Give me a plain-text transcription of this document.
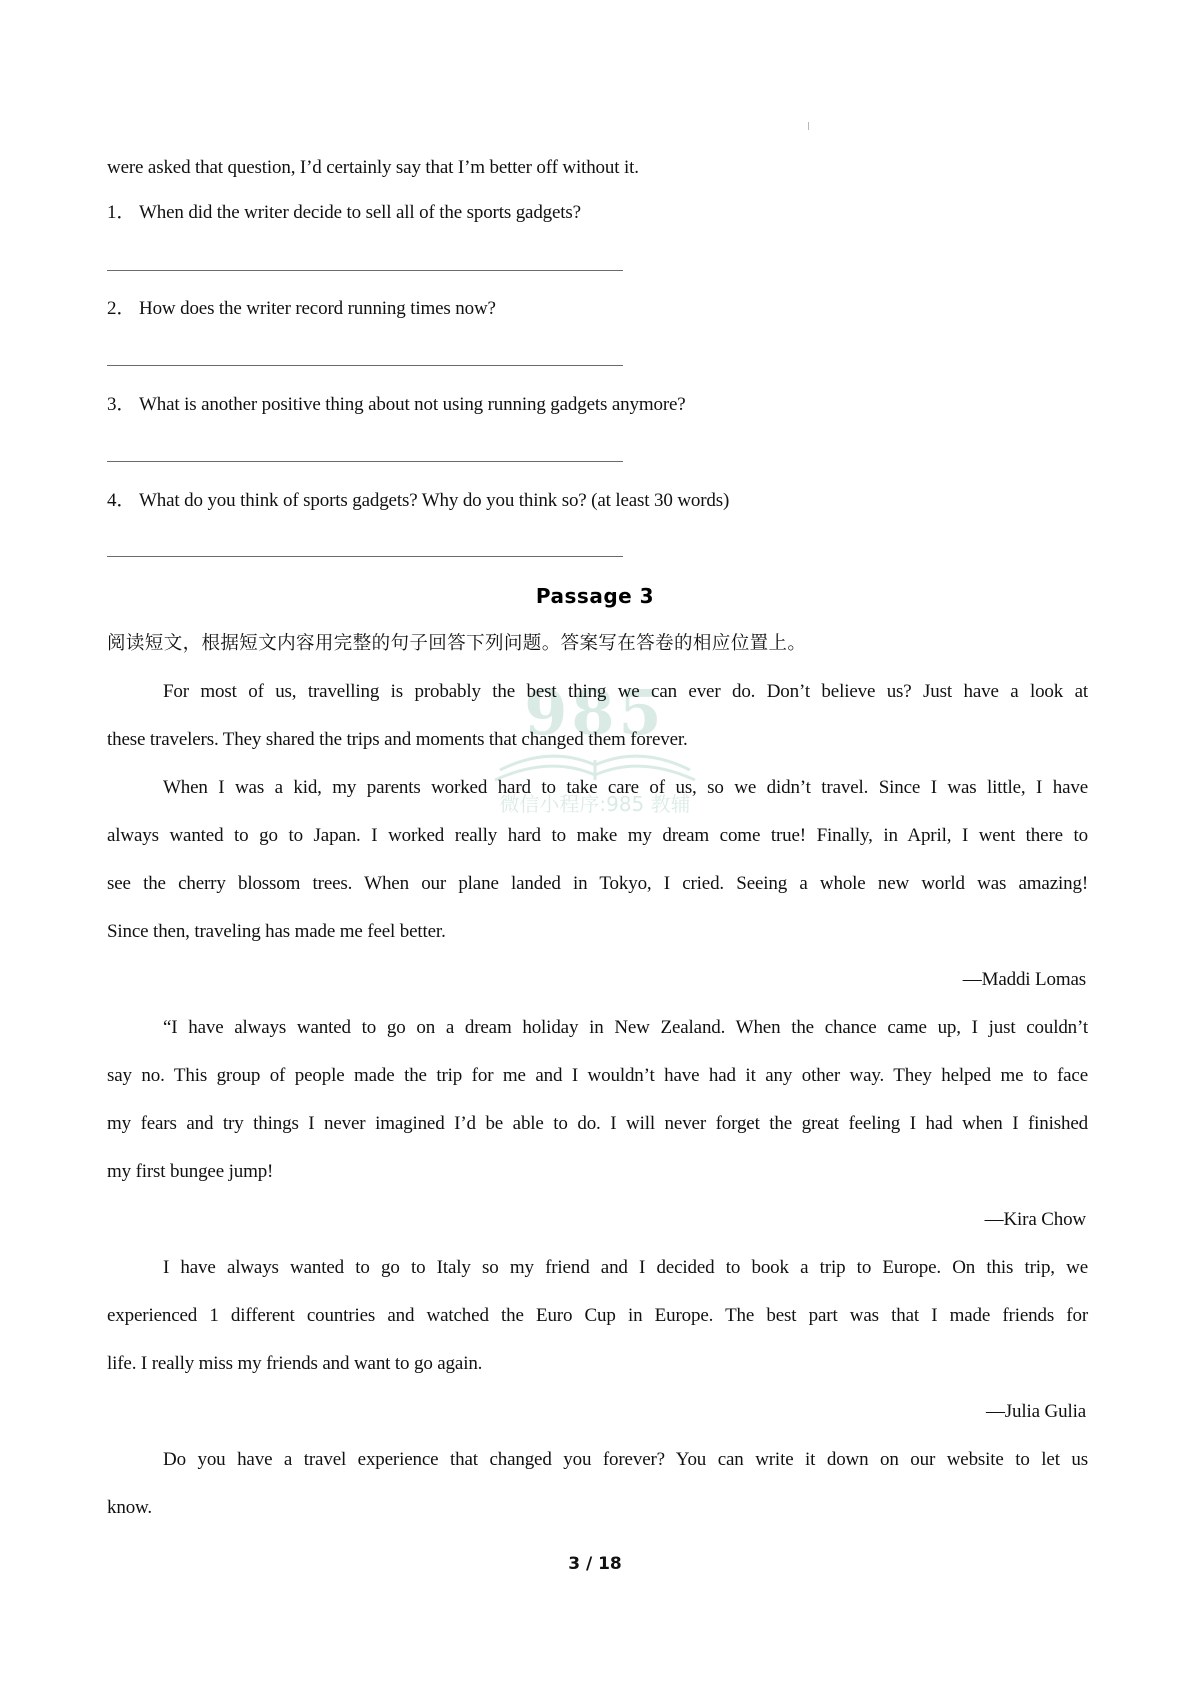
985
微信小程序:985 教辅
were asked that question, I’d certainly say that I’m better off without it.
1． When did the writer decide to sell all of the sports gadgets?
2． How does the writer record running times now?
3． What is another positive thing about not using running gadgets anymore?
4． What do you think of sports gadgets? Why do you think so? (at least 30 words)
Passage 3
阅读短文，根据短文内容用完整的句子回答下列问题。答案写在答卷的相应位置上。
For most of us, travelling is probably the best thing we can ever do. Don’t believe us? Just have a look at
these travelers. They shared the trips and moments that changed them forever.
When I was a kid, my parents worked hard to take care of us, so we didn’t travel. Since I was little, I have
always wanted to go to Japan. I worked really hard to make my dream come true! Finally, in April, I went there to
see the cherry blossom trees. When our plane landed in Tokyo, I cried. Seeing a whole new world was amazing!
Since then, traveling has made me feel better.
—Maddi Lomas
“I have always wanted to go on a dream holiday in New Zealand. When the chance came up, I just couldn’t
say no. This group of people made the trip for me and I wouldn’t have had it any other way. They helped me to face
my fears and try things I never imagined I’d be able to do. I will never forget the great feeling I had when I finished
my first bungee jump!
—Kira Chow
I have always wanted to go to Italy so my friend and I decided to book a trip to Europe. On this trip, we
experienced 1 different countries and watched the Euro Cup in Europe. The best part was that I made friends for
life. I really miss my friends and want to go again.
—Julia Gulia
Do you have a travel experience that changed you forever? You can write it down on our website to let us
know.
3 / 18
